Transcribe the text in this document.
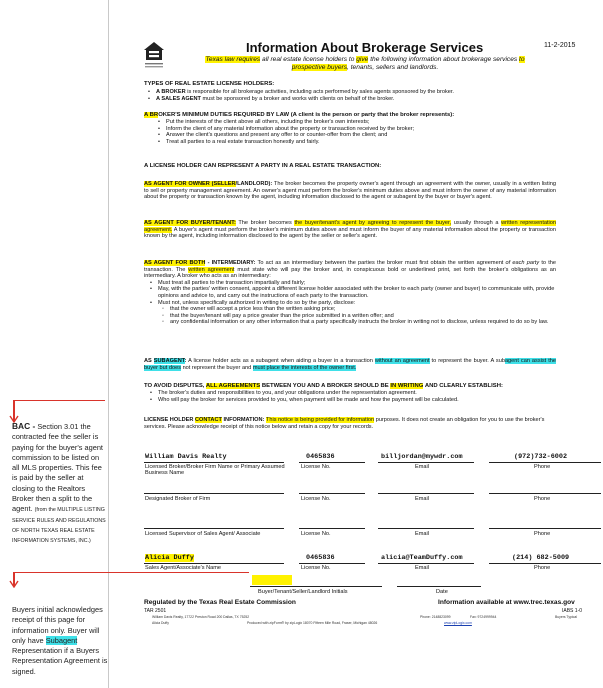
Information About Brokerage Services	11-2-2015
Texas law requires all real estate license holders to give the following information about brokerage services to prospective buyers, tenants, sellers and landlords.
TYPES OF REAL ESTATE LICENSE HOLDERS:
• A BROKER is responsible for all brokerage activities, including acts performed by sales agents sponsored by the broker.
• A SALES AGENT must be sponsored by a broker and works with clients on behalf of the broker.
A BROKER'S MINIMUM DUTIES REQUIRED BY LAW (A client is the person or party that the broker represents):
• Put the interests of the client above all others, including the broker's own interests;
• Inform the client of any material information about the property or transaction received by the broker;
• Answer the client's questions and present any offer to or counter-offer from the client; and
• Treat all parties to a real estate transaction honestly and fairly.
A LICENSE HOLDER CAN REPRESENT A PARTY IN A REAL ESTATE TRANSACTION:
AS AGENT FOR OWNER (SELLER/LANDLORD): The broker becomes the property owner's agent through an agreement with the owner, usually in a written listing to sell or property management agreement. An owner's agent must perform the broker's minimum duties above and must inform the owner of any material information about the property or transaction known by the agent, including information disclosed to the agent or subagent by the buyer or buyer's agent.
AS AGENT FOR BUYER/TENANT: The broker becomes the buyer/tenant's agent by agreeing to represent the buyer, usually through a written representation agreement. A buyer's agent must perform the broker's minimum duties above and must inform the buyer of any material information about the property or transaction known by the agent, including information disclosed to the agent by the seller or seller's agent.
AS AGENT FOR BOTH - INTERMEDIARY: To act as an intermediary between the parties the broker must first obtain the written agreement of each party to the transaction. The written agreement must state who will pay the broker and, in conspicuous bold or underlined print, set forth the broker's obligations as an intermediary. A broker who acts as an intermediary:
• Must treat all parties to the transaction impartially and fairly;
• May, with the parties' written consent, appoint a different license holder associated with the broker to each party (owner and buyer) to communicate with, provide opinions and advice to, and carry out the instructions of each party to the transaction.
• Must not, unless specifically authorized in writing to do so by the party, disclose:
◦ that the owner will accept a price less than the written asking price;
◦ that the buyer/tenant will pay a price greater than the price submitted in a written offer; and
◦ any confidential information or any other information that a party specifically instructs the broker in writing not to disclose, unless required to do so by law.
AS SUBAGENT: A license holder acts as a subagent when aiding a buyer in a transaction without an agreement to represent the buyer. A subagent can assist the buyer but does not represent the buyer and must place the interests of the owner first.
TO AVOID DISPUTES, ALL AGREEMENTS BETWEEN YOU AND A BROKER SHOULD BE IN WRITING AND CLEARLY ESTABLISH:
• The broker's duties and responsibilities to you, and your obligations under the representation agreement.
• Who will pay the broker for services provided to you, when payment will be made and how the payment will be calculated.
LICENSE HOLDER CONTACT INFORMATION: This notice is being provided for information purposes. It does not create an obligation for you to use the broker's services. Please acknowledge receipt of this notice below and retain a copy for your records.
William Davis Realty	0465836	billjordan@mywdr.com	(972)732-6002
Licensed Broker/Broker Firm Name or Primary Assumed Business Name
License No.	Email	Phone
Designated Broker of Firm	License No.	Email	Phone
Licensed Supervisor of Sales Agent/ Associate	License No.	Email	Phone
Alicia Duffy	0465836	alicia@TeamDuffy.com	(214) 682-5009
Sales Agent/Associate's Name	License No.	Email	Phone
Buyer/Tenant/Seller/Landlord Initials	Date
Regulated by the Texas Real Estate Commission	Information available at www.trec.texas.gov
TAR 2501	IABS 1-0
William Davis Realty, 17722 Preston Road 200 Dallas, TX 75252	Phone: 2148823099	Fax: 9724999944	Buyers Typical
Alicia Duffy	Produced with zipForm® by zipLogix 18070 Fifteen Mile Road, Fraser, Michigan 48026	www.zipLogix.com
BAC - Section 3.01 the contracted fee the seller is paying for the buyer's agent commission to be listed on all MLS properties. This fee is paid by the seller at closing to the Realtors Broker then a split to the agent. (from the MULTIPLE LISTING SERVICE RULES AND REGULATIONS OF NORTH TEXAS REAL ESTATE INFORMATION SYSTEMS, INC.)
Buyers initial acknowledges receipt of this page for information only. Buyer will only have Subagent Representation if a Buyers Representation Agreement is signed.
